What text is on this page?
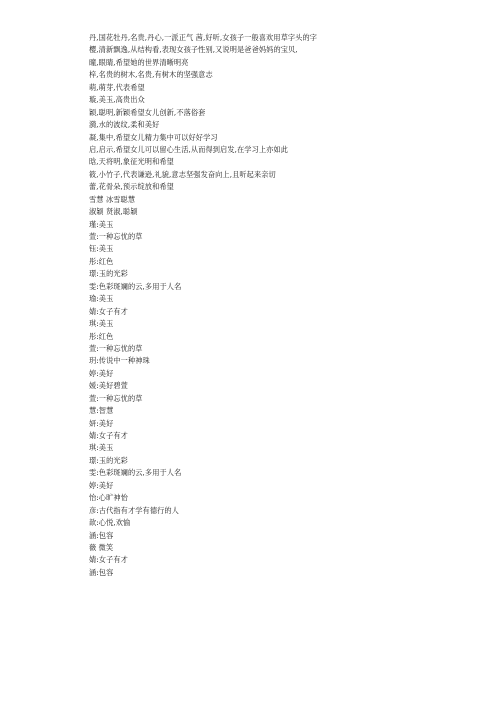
丹,国花牡丹,名贵,丹心,一派正气 茜,好听,女孩子一般喜欢用草字头的字
樱,清新飘逸,从结构看,表现女孩子性别,又说明是爸爸妈妈的宝贝,
曈,眼睛,希望她的世界清晰明亮
梓,名贵的树木,名贵,有树木的坚强意志
萌,萌芽,代表希望
璇,美玉,高贵出众
颖,聪明,新颖希望女儿创新,不落俗套
漪,水的波纹,柔和美好
凝,集中,希望女儿精力集中可以好好学习
启,启示,希望女儿可以留心生活,从而得到启发,在学习上亦如此
晗,天将明,象征光明和希望
筱,小竹子,代表谦逊,礼貌,意志坚强发奋向上,且听起来亲切
蕾,花骨朵,预示绽放和希望
雪慧 冰雪聪慧
淑颖 贤淑,聪颖
瑾:美玉
萱:一种忘忧的草
钰:美玉
彤:红色
璟:玉的光彩
雯:色彩斑斓的云,多用于人名
瑜:美玉
婧:女子有才
琪:美玉
彤:红色
萱:一种忘忧的草
玥:传说中一种神珠
婷:美好
媛:美好碧萱
萱:一种忘忧的草
慧:智慧
妍:美好
婧:女子有才
琪:美玉
璟:玉的光彩
雯:色彩斑斓的云,多用于人名
婷:美好
怡:心旷神怡
彦:古代指有才学有德行的人
歆:心悦,欢愉
涵:包容
薇 微笑
婧:女子有才
涵:包容
